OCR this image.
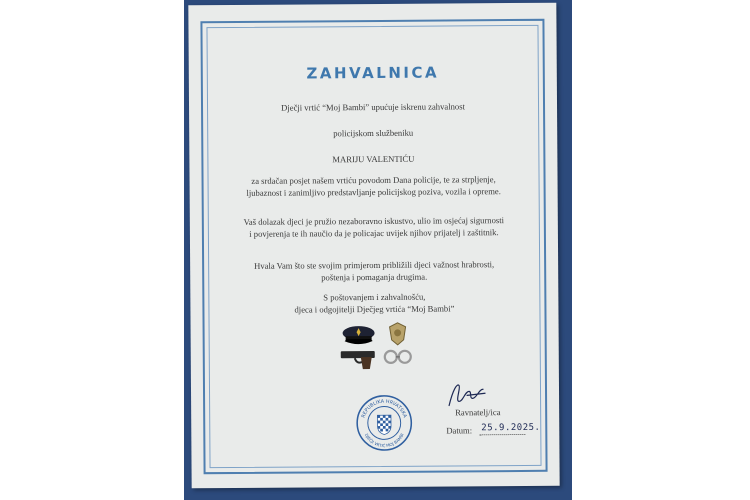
ZAHVALNICA
Dječji vrtić “Moj Bambi” upućuje iskrenu zahvalnost
policijskom službeniku
MARIJU VALENTIĆU
za srdačan posjet našem vrtiću povodom Dana policije, te za strpljenje, ljubaznost i zanimljivo predstavljanje policijskog poziva, vozila i opreme.
Vaš dolazak djeci je pružio nezaboravno iskustvo, ulio im osjećaj sigurnosti i povjerenja te ih naučio da je policajac uvijek njihov prijatelj i zaštitnik.
Hvala Vam što ste svojim primjerom približili djeci važnost hrabrosti, poštenja i pomaganja drugima.
S poštovanjem i zahvalnošću,
djeca i odgojitelji Dječjeg vrtića “Moj Bambi”
REPUBLIKA HRVATSKA
DJEČJI VRTIĆ MOJ BAMBI
Ravnatelj/ica
Datum: 25.9.2025.
